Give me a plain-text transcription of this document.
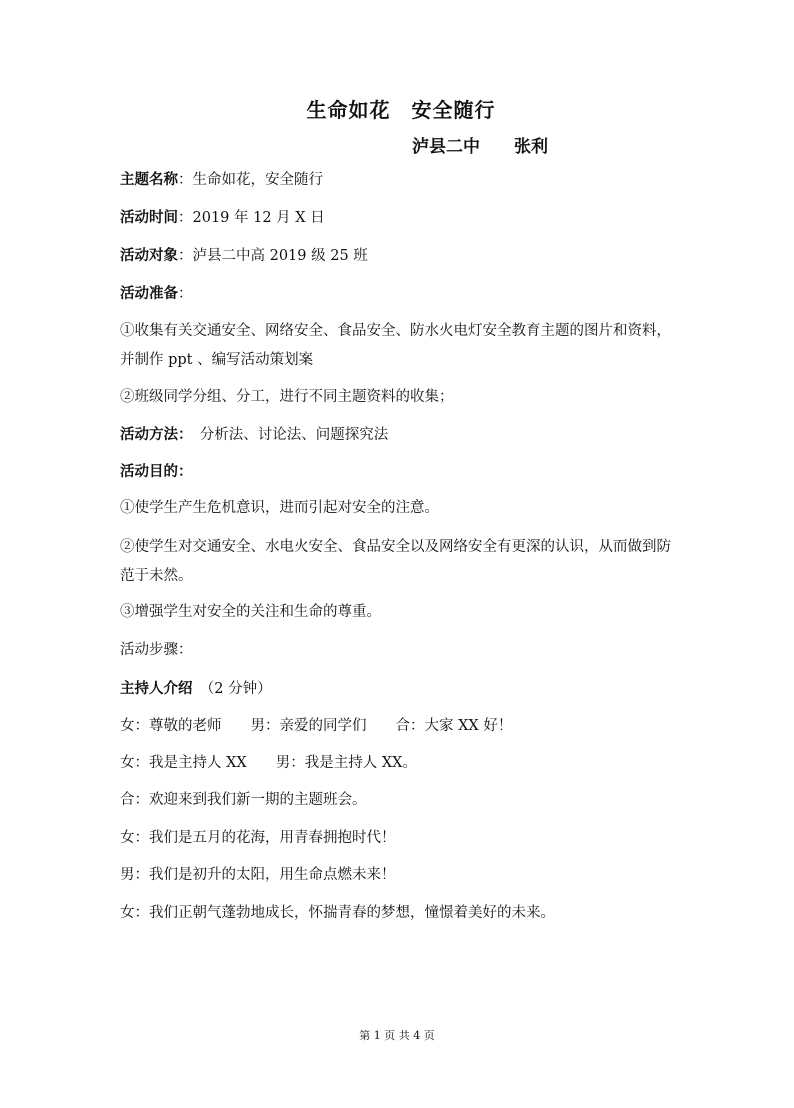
生命如花　安全随行
泸县二中　　张利
主题名称：生命如花，安全随行
活动时间：2019 年 12 月 X 日
活动对象：泸县二中高 2019 级 25 班
活动准备：
①收集有关交通安全、网络安全、食品安全、防水火电灯安全教育主题的图片和资料，并制作 ppt 、编写活动策划案
②班级同学分组、分工，进行不同主题资料的收集；
活动方法：　分析法、讨论法、问题探究法
活动目的：
①使学生产生危机意识，进而引起对安全的注意。
②使学生对交通安全、水电火安全、食品安全以及网络安全有更深的认识，从而做到防范于未然。
③增强学生对安全的关注和生命的尊重。
活动步骤：
主持人介绍　（2 分钟）
女：尊敬的老师　　男：亲爱的同学们　　合：大家 XX 好！
女：我是主持人 XX　　男：我是主持人 XX。
合：欢迎来到我们新一期的主题班会。
女：我们是五月的花海，用青春拥抱时代！
男：我们是初升的太阳，用生命点燃未来！
女：我们正朝气蓬勃地成长，怀揣青春的梦想，憧憬着美好的未来。
第 1 页 共 4 页
